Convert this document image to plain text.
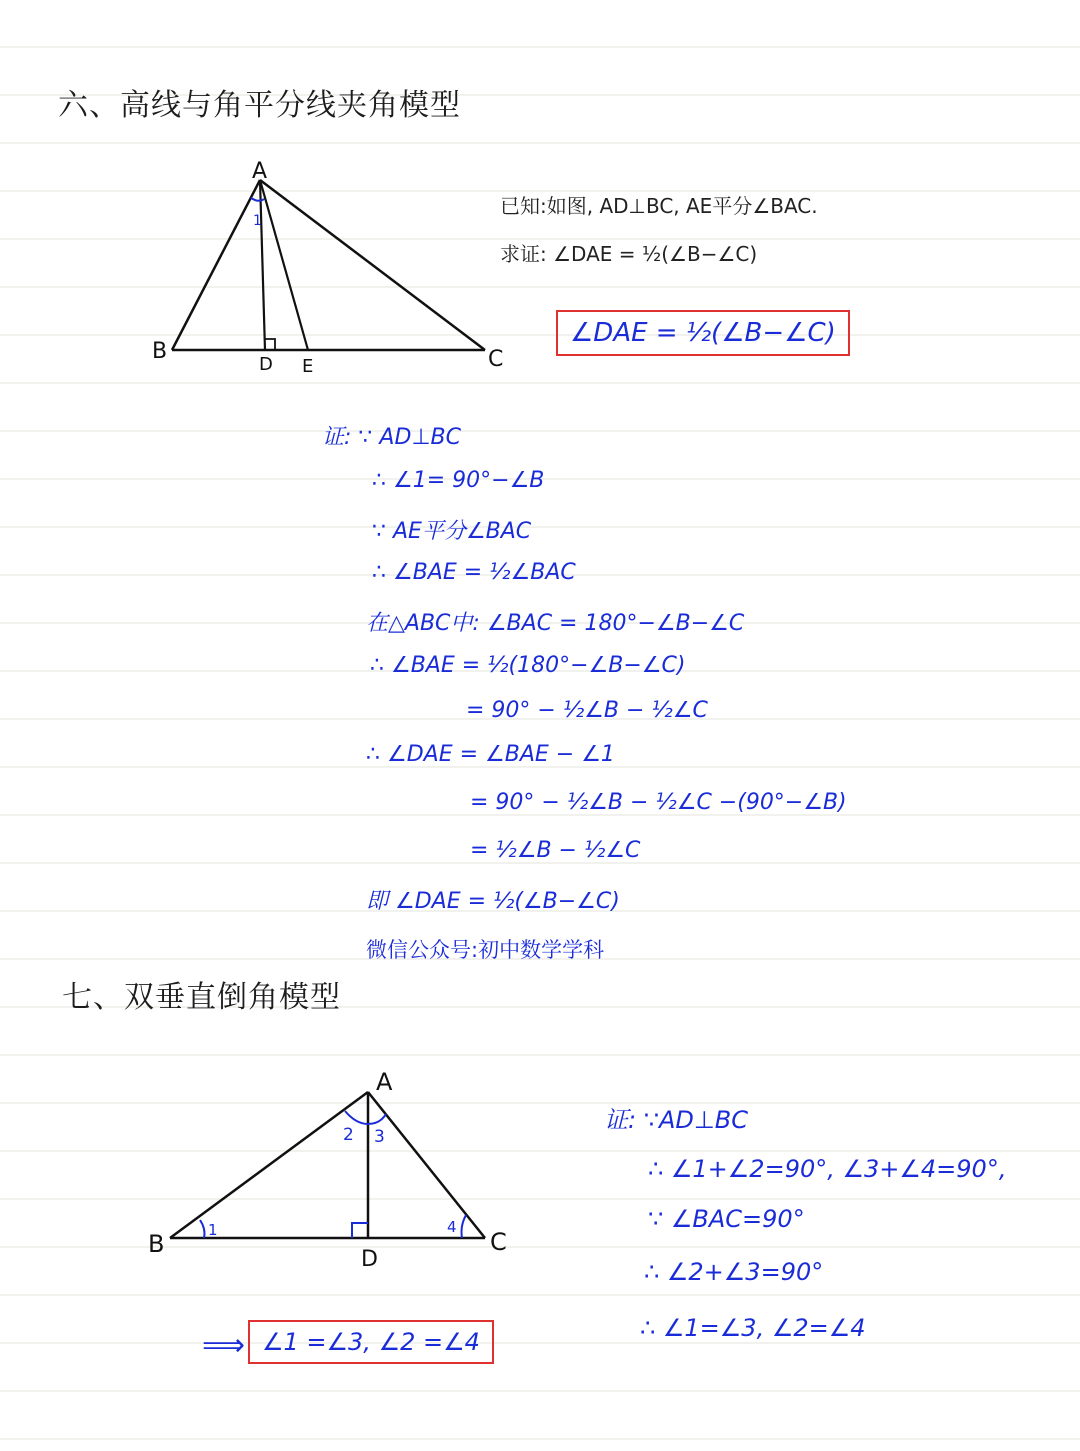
六、高线与角平分线夹角模型
A
B	C
D E
1
已知:如图, AD⊥BC, AE平分∠BAC.
求证: ∠DAE = ½(∠B−∠C)
∠DAE = ½(∠B−∠C)
证: ∵ AD⊥BC
∴ ∠1= 90°−∠B
∵ AE平分∠BAC
∴ ∠BAE = ½∠BAC
在△ABC中: ∠BAC = 180°−∠B−∠C
∴ ∠BAE = ½(180°−∠B−∠C)
= 90° − ½∠B − ½∠C
∴ ∠DAE = ∠BAE − ∠1
= 90° − ½∠B − ½∠C −(90°−∠B)
= ½∠B − ½∠C
即 ∠DAE = ½(∠B−∠C)
微信公众号:初中数学学科
七、双垂直倒角模型
A
B	C
D
1
2 3
4
⟹ ∠1 =∠3, ∠2 =∠4
证: ∵AD⊥BC
∴ ∠1+∠2=90°, ∠3+∠4=90°,
∵ ∠BAC=90°
∴ ∠2+∠3=90°
∴ ∠1=∠3, ∠2=∠4
